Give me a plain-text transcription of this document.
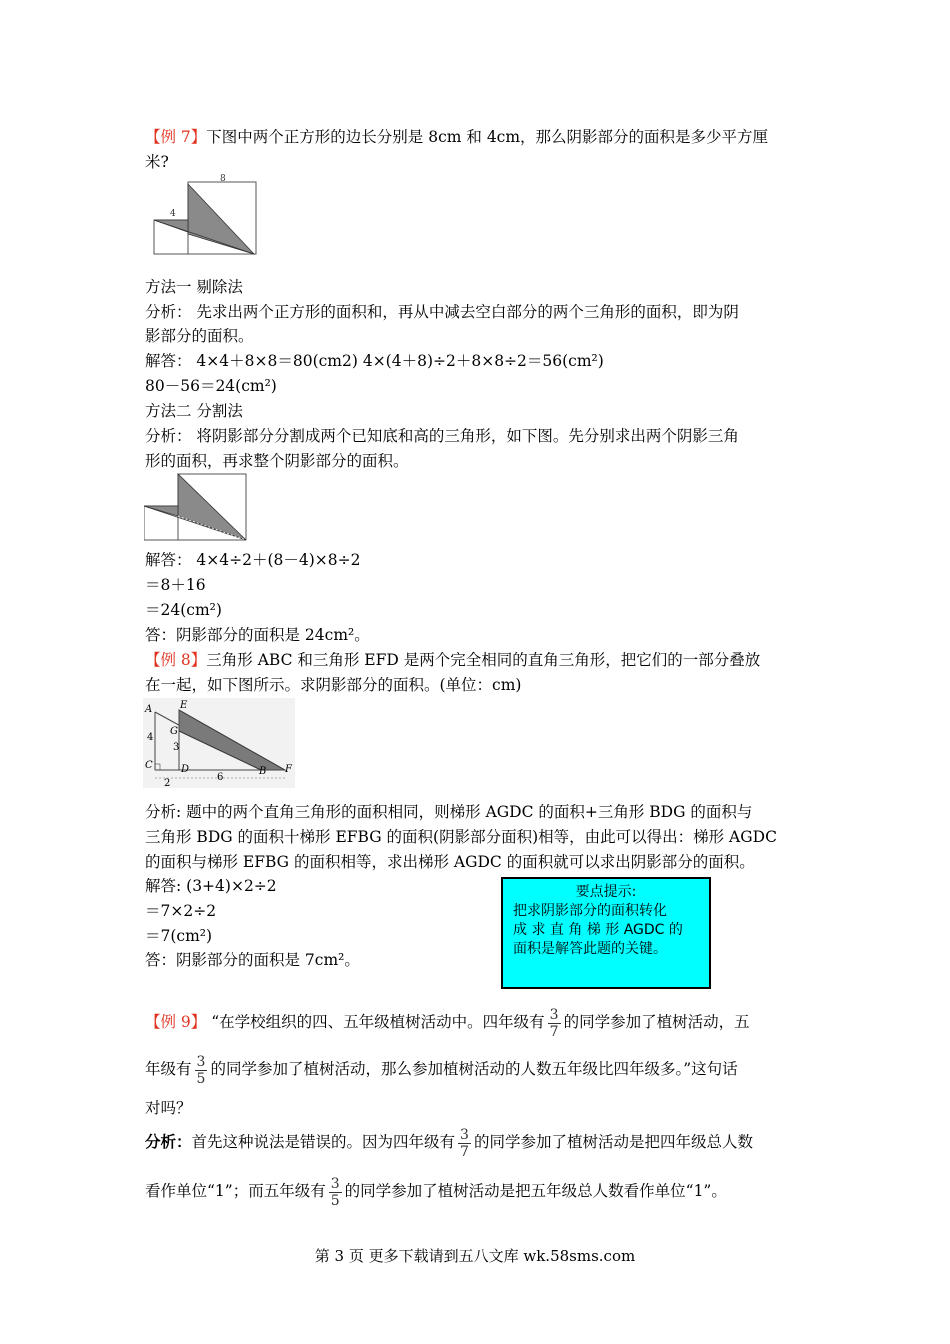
【例 7】下图中两个正方形的边长分别是 8cm 和 4cm，那么阴影部分的面积是多少平方厘
米?
8
4
方法一 剔除法
分析： 先求出两个正方形的面积和，再从中减去空白部分的两个三角形的面积，即为阴
影部分的面积。
解答： 4×4＋8×8＝80(cm2) 4×(4＋8)÷2＋8×8÷2＝56(cm²)
80－56＝24(cm²)
方法二 分割法
分析： 将阴影部分分割成两个已知底和高的三角形，如下图。先分别求出两个阴影三角
形的面积，再求整个阴影部分的面积。
解答： 4×4÷2＋(8－4)×8÷2
＝8＋16
＝24(cm²)
答：阴影部分的面积是 24cm²。
【例 8】三角形 ABC 和三角形 EFD 是两个完全相同的直角三角形，把它们的一部分叠放
在一起，如下图所示。求阴影部分的面积。(单位：cm)
A	E
G
4
3
C	D	B F
2
6
分析: 题中的两个直角三角形的面积相同，则梯形 AGDC 的面积+三角形 BDG 的面积与
三角形 BDG 的面积十梯形 EFBG 的面积(阴影部分面积)相等，由此可以得出：梯形 AGDC
的面积与梯形 EFBG 的面积相等，求出梯形 AGDC 的面积就可以求出阴影部分的面积。
解答: (3+4)×2÷2
＝7×2÷2
＝7(cm²)
答：阴影部分的面积是 7cm²。
要点提示:
把求阴影部分的面积转化
成 求 直 角 梯 形 AGDC 的
面积是解答此题的关键。
【例 9】 “在学校组织的四、五年级植树活动中。四年级有 $\frac{3}{7}$ 的同学参加了植树活动，五
年级有 $\frac{3}{5}$ 的同学参加了植树活动，那么参加植树活动的人数五年级比四年级多。”这句话
对吗？
分析：首先这种说法是错误的。因为四年级有 $\frac{3}{7}$ 的同学参加了植树活动是把四年级总人数
看作单位“1”；而五年级有 $\frac{3}{5}$ 的同学参加了植树活动是把五年级总人数看作单位“1”。
第 3 页 更多下载请到五八文库 wk.58sms.com
